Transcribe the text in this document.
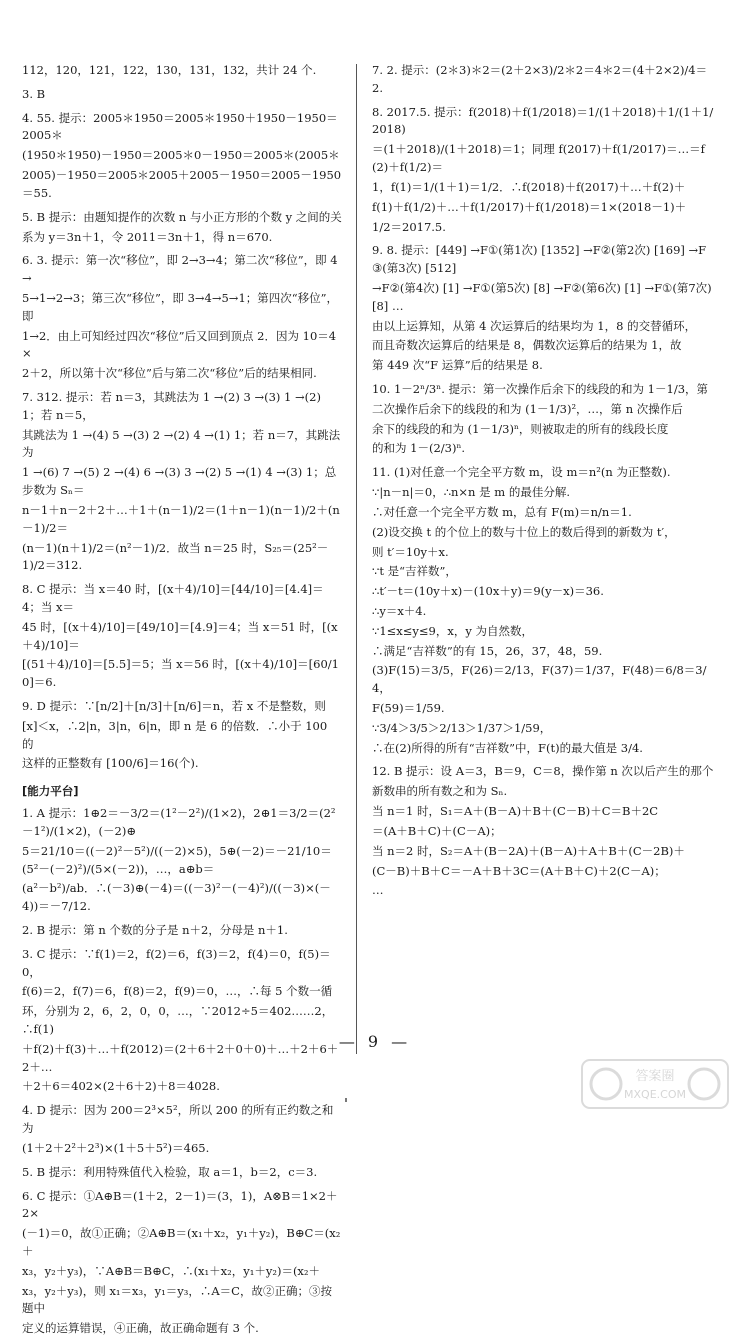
112，120，121，122，130，131，132，共计 24 个.
3. B
4. 55. 提示：2005＊1950＝2005＊1950＋1950－1950＝2005＊
(1950＊1950)－1950＝2005＊0－1950＝2005＊(2005＊
2005)－1950＝2005＊2005＋2005－1950＝2005－1950＝55.
5. B 提示：由题知提作的次数 n 与小正方形的个数 y 之间的关
系为 y＝3n＋1，令 2011＝3n＋1，得 n＝670.
6. 3. 提示：第一次“移位”，即 2→3→4；第二次“移位”，即 4→
5→1→2→3；第三次“移位”，即 3→4→5→1；第四次“移位”，即
1→2．由上可知经过四次“移位”后又回到顶点 2．因为 10＝4×
2＋2，所以第十次“移位”后与第二次“移位”后的结果相同.
7. 312. 提示：若 n＝3，其跳法为 1 →(2) 3 →(3) 1 →(2) 1；若 n＝5，
其跳法为 1 →(4) 5 →(3) 2 →(2) 4 →(1) 1；若 n＝7，其跳法为
1 →(6) 7 →(5) 2 →(4) 6 →(3) 3 →(2) 5 →(1) 4 →(3) 1；总步数为 Sₙ＝
n－1＋n－2＋2＋…＋1＋(n－1)/2＝(1＋n－1)(n－1)/2＋(n－1)/2＝
(n－1)(n＋1)/2＝(n²－1)/2．故当 n＝25 时，S₂₅＝(25²－1)/2＝312.
8. C 提示：当 x＝40 时，[(x＋4)/10]＝[44/10]＝[4.4]＝4；当 x＝
45 时，[(x＋4)/10]＝[49/10]＝[4.9]＝4；当 x＝51 时，[(x＋4)/10]＝
[(51＋4)/10]＝[5.5]＝5；当 x＝56 时，[(x＋4)/10]＝[60/10]＝6.
9. D 提示：∵[n/2]＋[n/3]＋[n/6]＝n，若 x 不是整数，则
[x]＜x，∴2|n，3|n，6|n，即 n 是 6 的倍数．∴小于 100 的
这样的正整数有 [100/6]＝16(个).
[能力平台]
1. A 提示：1⊕2＝－3/2＝(1²－2²)/(1×2)，2⊕1＝3/2＝(2²－1²)/(1×2)，(－2)⊕
5＝21/10＝((－2)²－5²)/((－2)×5)，5⊕(－2)＝－21/10＝(5²－(－2)²)/(5×(－2))，…，a⊕b＝
(a²－b²)/ab．∴(－3)⊕(－4)＝((－3)²－(－4)²)/((－3)×(－4))＝－7/12.
2. B 提示：第 n 个数的分子是 n＋2，分母是 n＋1.
3. C 提示：∵f(1)＝2，f(2)＝6，f(3)＝2，f(4)＝0，f(5)＝0，
f(6)＝2，f(7)＝6，f(8)＝2，f(9)＝0，…，∴每 5 个数一循
环，分别为 2，6，2，0，0，…，∵2012÷5＝402……2，∴f(1)
＋f(2)＋f(3)＋…＋f(2012)＝(2＋6＋2＋0＋0)＋…＋2＋6＋2＋…
＋2＋6＝402×(2＋6＋2)＋8＝4028.
4. D 提示：因为 200＝2³×5²，所以 200 的所有正约数之和为
(1＋2＋2²＋2³)×(1＋5＋5²)＝465.
5. B 提示：利用特殊值代入检验，取 a＝1，b＝2，c＝3.
6. C 提示：①A⊕B＝(1＋2，2－1)＝(3，1)，A⊗B＝1×2＋2×
(－1)＝0，故①正确；②A⊕B＝(x₁＋x₂，y₁＋y₂)，B⊕C＝(x₂＋
x₃，y₂＋y₃)，∵A⊕B＝B⊕C，∴(x₁＋x₂，y₁＋y₂)＝(x₂＋
x₃，y₂＋y₃)，则 x₁＝x₃，y₁＝y₃，∴A＝C，故②正确；③按题中
定义的运算错误，④正确，故正确命题有 3 个.
7. 2. 提示：(2＊3)＊2＝(2＋2×3)/2＊2＝4＊2＝(4＋2×2)/4＝2.
8. 2017.5. 提示：f(2018)＋f(1/2018)＝1/(1＋2018)＋1/(1＋1/2018)
＝(1＋2018)/(1＋2018)＝1；同理 f(2017)＋f(1/2017)＝…＝f(2)＋f(1/2)＝
1，f(1)＝1/(1＋1)＝1/2．∴f(2018)＋f(2017)＋…＋f(2)＋
f(1)＋f(1/2)＋…＋f(1/2017)＋f(1/2018)＝1×(2018－1)＋
1/2＝2017.5.
9. 8. 提示：[449] →F①(第1次) [1352] →F②(第2次) [169] →F③(第3次) [512]
→F②(第4次) [1] →F①(第5次) [8] →F②(第6次) [1] →F①(第7次) [8] …
由以上运算知，从第 4 次运算后的结果均为 1，8 的交替循环，
而且奇数次运算后的结果是 8，偶数次运算后的结果为 1，故
第 449 次“F 运算”后的结果是 8.
10. 1－2ⁿ/3ⁿ. 提示：第一次操作后余下的线段的和为 1－1/3，第
二次操作后余下的线段的和为 (1－1/3)²，…，第 n 次操作后
余下的线段的和为 (1－1/3)ⁿ，则被取走的所有的线段长度
的和为 1－(2/3)ⁿ.
11. (1)对任意一个完全平方数 m，设 m＝n²(n 为正整数).
∵|n－n|＝0，∴n×n 是 m 的最佳分解.
∴对任意一个完全平方数 m，总有 F(m)＝n/n＝1.
(2)设交换 t 的个位上的数与十位上的数后得到的新数为 t′，
则 t′＝10y＋x.
∵t 是“吉祥数”，
∴t′－t＝(10y＋x)－(10x＋y)＝9(y－x)＝36.
∴y＝x＋4.
∵1≤x≤y≤9，x，y 为自然数，
∴满足“吉祥数”的有 15，26，37，48，59.
(3)F(15)＝3/5，F(26)＝2/13，F(37)＝1/37，F(48)＝6/8＝3/4，
F(59)＝1/59.
∵3/4＞3/5＞2/13＞1/37＞1/59，
∴在(2)所得的所有“吉祥数”中，F(t)的最大值是 3/4.
12. B 提示：设 A＝3，B＝9，C＝8，操作第 n 次以后产生的那个
新数串的所有数之和为 Sₙ.
当 n＝1 时，S₁＝A＋(B－A)＋B＋(C－B)＋C＝B＋2C
＝(A＋B＋C)＋(C－A)；
当 n＝2 时，S₂＝A＋(B－2A)＋(B－A)＋A＋B＋(C－2B)＋
(C－B)＋B＋C＝－A＋B＋3C＝(A＋B＋C)＋2(C－A)；
…
— 9 —
答案圈
MXQE.COM
